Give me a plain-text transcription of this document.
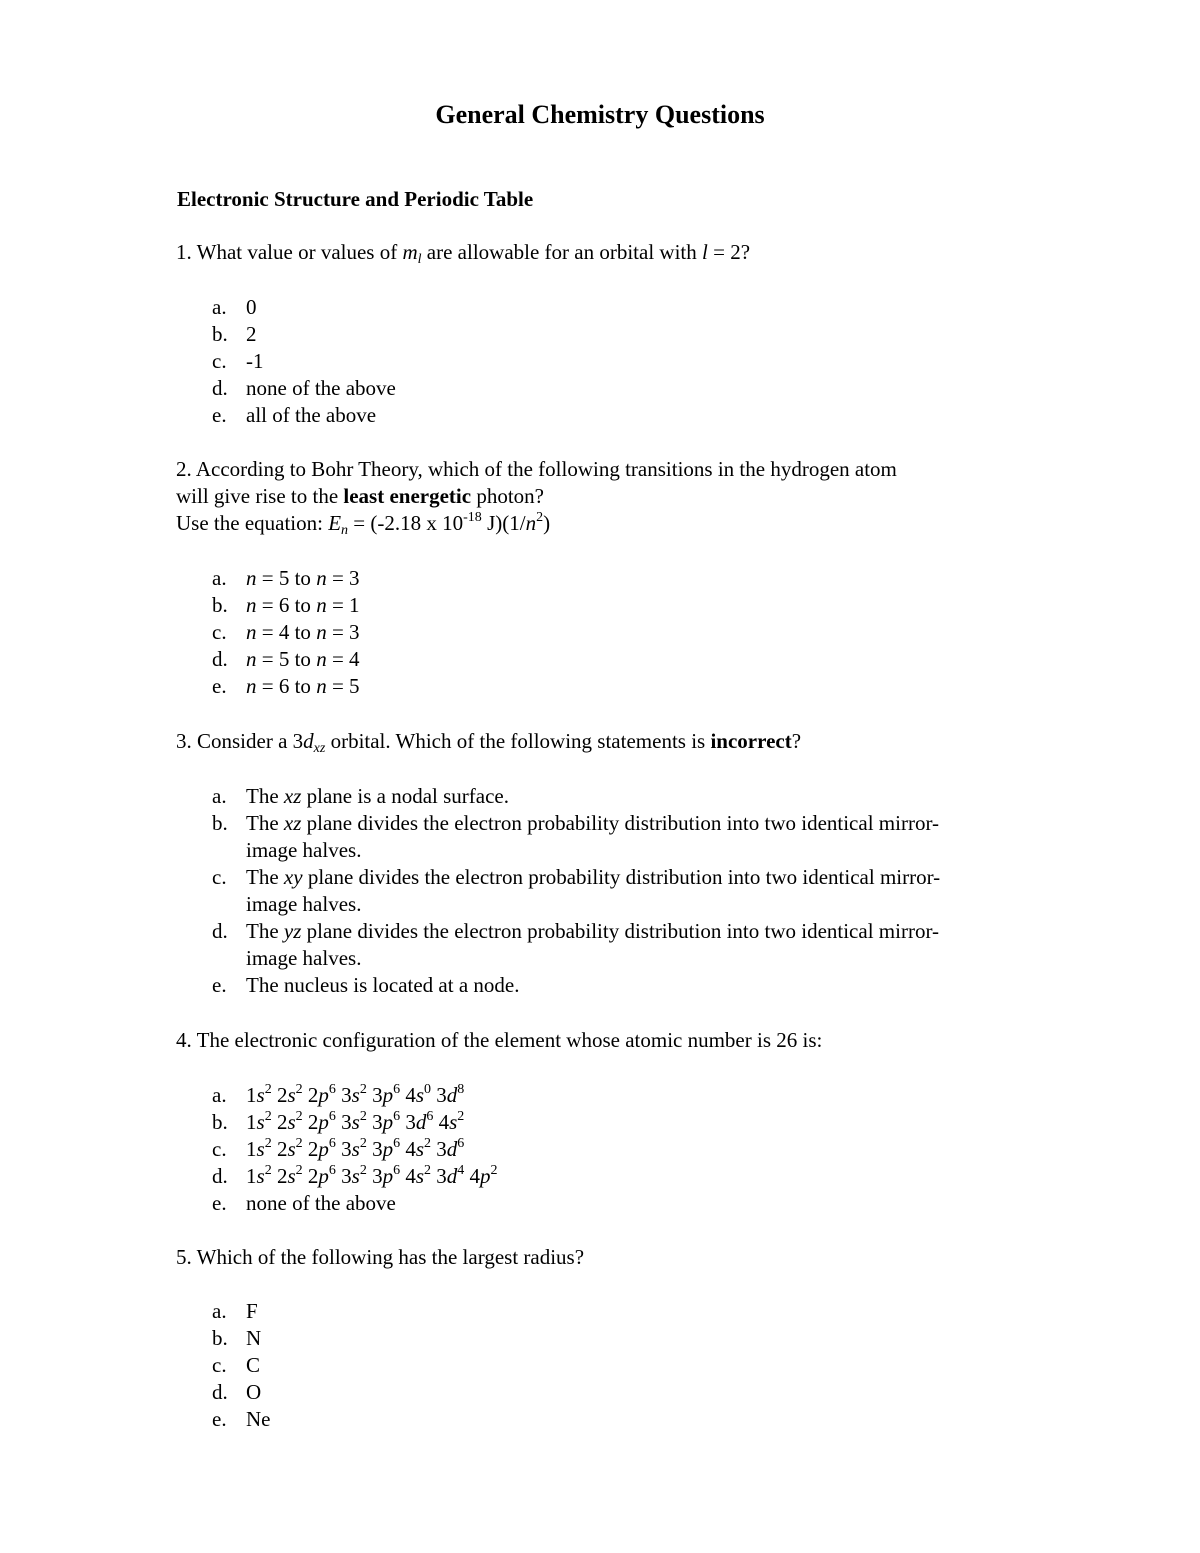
General Chemistry Questions
Electronic Structure and Periodic Table
1. What value or values of $m_l$ are allowable for an orbital with l = 2?
a. 0
b. 2
c. -1
d. none of the above
e. all of the above
2. According to Bohr Theory, which of the following transitions in the hydrogen atom
will give rise to the least energetic photon?
Use the equation: $E_n = (-2.18$ x $10^{-18}$ $J)(1/n^2)$
a. n = 5 to n = 3
b. n = 6 to n = 1
c. n = 4 to n = 3
d. n = 5 to n = 4
e. n = 6 to n = 5
3. Consider a $3d_{xz}$ orbital. Which of the following statements is incorrect?
a. The xz plane is a nodal surface.
b. The xz plane divides the electron probability distribution into two identical mirror-image halves.
c. The xy plane divides the electron probability distribution into two identical mirror-image halves.
d. The yz plane divides the electron probability distribution into two identical mirror-image halves.
e. The nucleus is located at a node.
4. The electronic configuration of the element whose atomic number is 26 is:
a. $1s^2$ $2s^2$ $2p^6$ $3s^2$ $3p^6$ $4s^0$ $3d^8$
b. $1s^2$ $2s^2$ $2p^6$ $3s^2$ $3p^6$ $3d^6$ $4s^2$
c. $1s^2$ $2s^2$ $2p^6$ $3s^2$ $3p^6$ $4s^2$ $3d^6$
d. $1s^2$ $2s^2$ $2p^6$ $3s^2$ $3p^6$ $4s^2$ $3d^4$ $4p^2$
e. none of the above
5. Which of the following has the largest radius?
a. F
b. N
c. C
d. O
e. Ne
